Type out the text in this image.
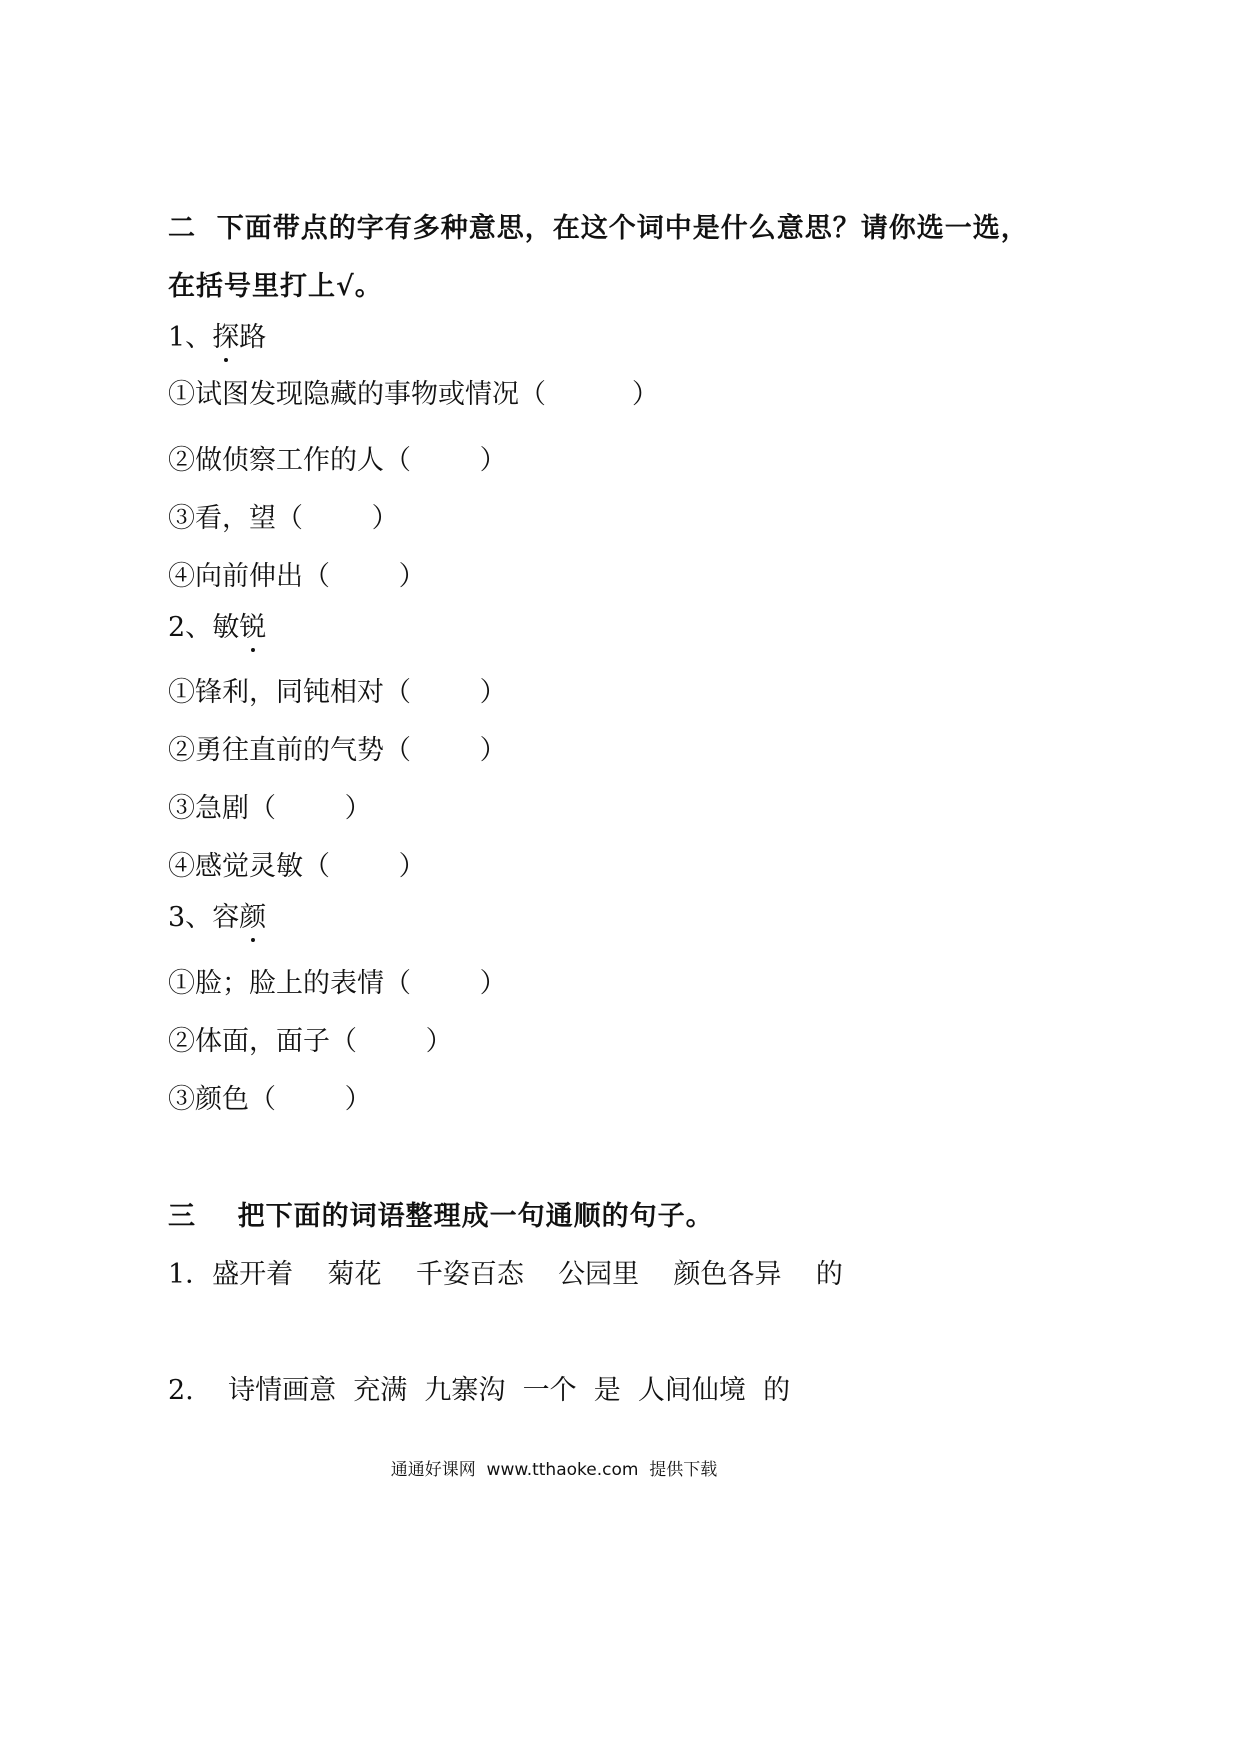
二  下面带点的字有多种意思，在这个词中是什么意思？请你选一选，
在括号里打上√。
1、探路
①试图发现隐藏的事物或情况（          ）
②做侦察工作的人（        ）
③看，望（        ）
④向前伸出（        ）
2、敏锐
①锋利，同钝相对（        ）
②勇往直前的气势（        ）
③急剧（        ）
④感觉灵敏（        ）
3、容颜
①脸；脸上的表情（        ）
②体面，面子（        ）
③颜色（        ）
三    把下面的词语整理成一句通顺的句子。
1．盛开着    菊花    千姿百态    公园里    颜色各异    的
2.    诗情画意  充满  九寨沟  一个  是  人间仙境  的
通通好课网  www.tthaoke.com  提供下载
